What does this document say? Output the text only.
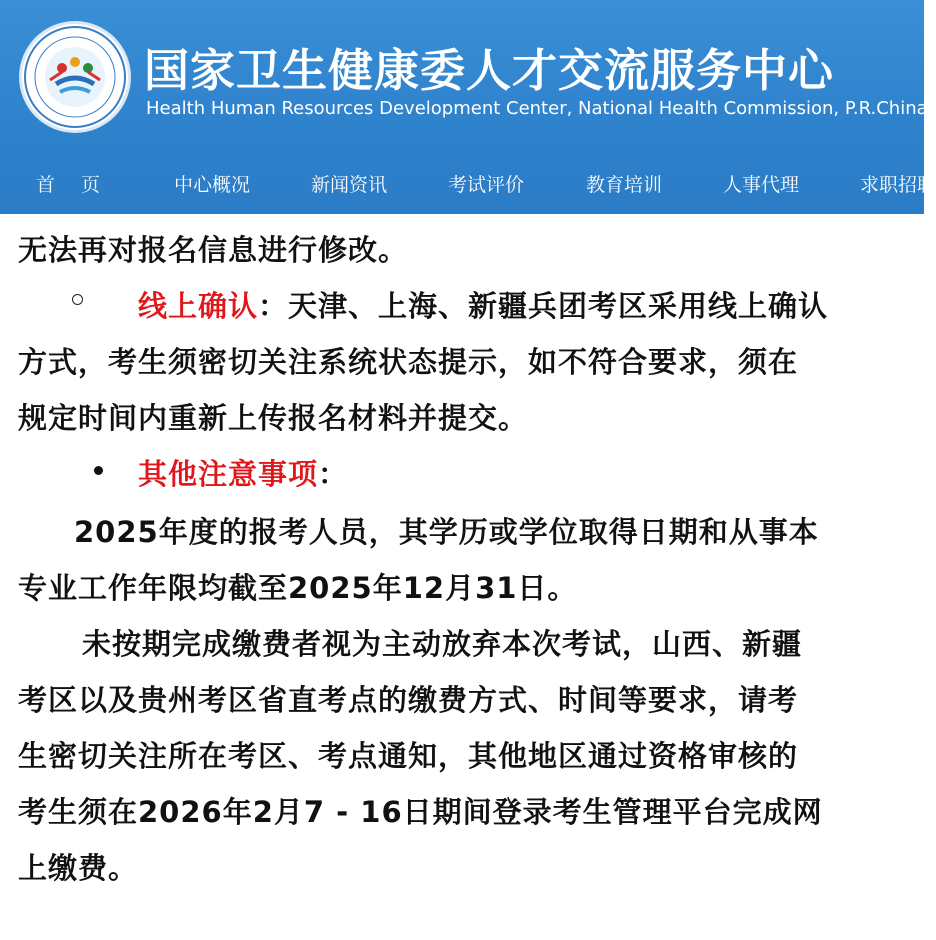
国家卫生健康委人才交流服务中心
Health Human Resources Development Center, National Health Commission, P.R.China
首页	中心概况	新闻资讯	考试评价	教育培训	人事代理	求职招聘
无法再对报名信息进行修改。
线上确认：天津、上海、新疆兵团考区采用线上确认
方式，考生须密切关注系统状态提示，如不符合要求，须在
规定时间内重新上传报名材料并提交。
其他注意事项：
2025年度的报考人员，其学历或学位取得日期和从事本
专业工作年限均截至2025年12月31日。
未按期完成缴费者视为主动放弃本次考试，山西、新疆
考区以及贵州考区省直考点的缴费方式、时间等要求，请考
生密切关注所在考区、考点通知，其他地区通过资格审核的
考生须在2026年2月7 - 16日期间登录考生管理平台完成网
上缴费。
